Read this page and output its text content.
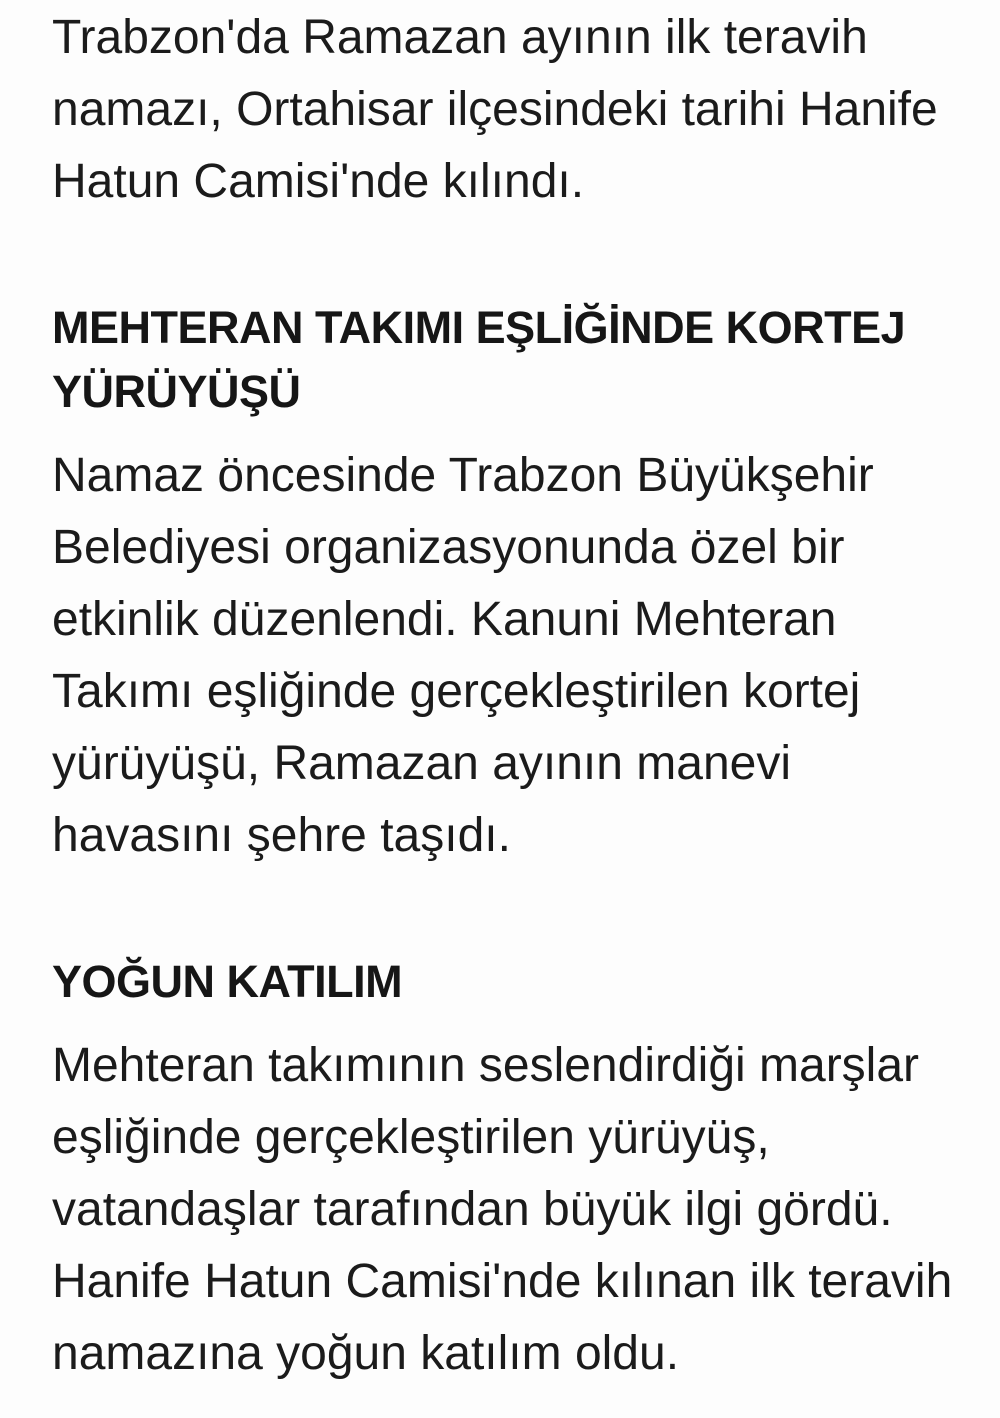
Trabzon'da Ramazan ayının ilk teravih namazı, Ortahisar ilçesindeki tarihi Hanife Hatun Camisi'nde kılındı.

MEHTERAN TAKIMI EŞLİĞİNDE KORTEJ YÜRÜYÜŞÜ

Namaz öncesinde Trabzon Büyükşehir Belediyesi organizasyonunda özel bir etkinlik düzenlendi. Kanuni Mehteran Takımı eşliğinde gerçekleştirilen kortej yürüyüşü, Ramazan ayının manevi havasını şehre taşıdı.

YOĞUN KATILIM

Mehteran takımının seslendirdiği marşlar eşliğinde gerçekleştirilen yürüyüş, vatandaşlar tarafından büyük ilgi gördü. Hanife Hatun Camisi'nde kılınan ilk teravih namazına yoğun katılım oldu.
